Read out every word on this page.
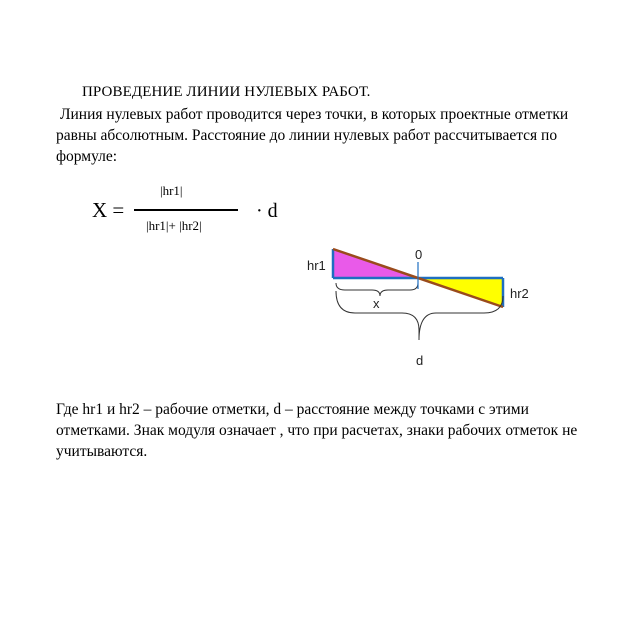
ПРОВЕДЕНИЕ ЛИНИИ НУЛЕВЫХ РАБОТ.
Линия нулевых работ проводится через точки, в которых проектные отметки равны абсолютным. Расстояние до линии нулевых работ рассчитывается по формуле:
X =
|hr1|
|hr1|+ |hr2|
· d
hr1
hr2
0
x
d
Где hr1 и hr2 – рабочие отметки, d – расстояние между точками с этими отметками. Знак модуля означает , что при расчетах, знаки рабочих отметок не учитываются.
